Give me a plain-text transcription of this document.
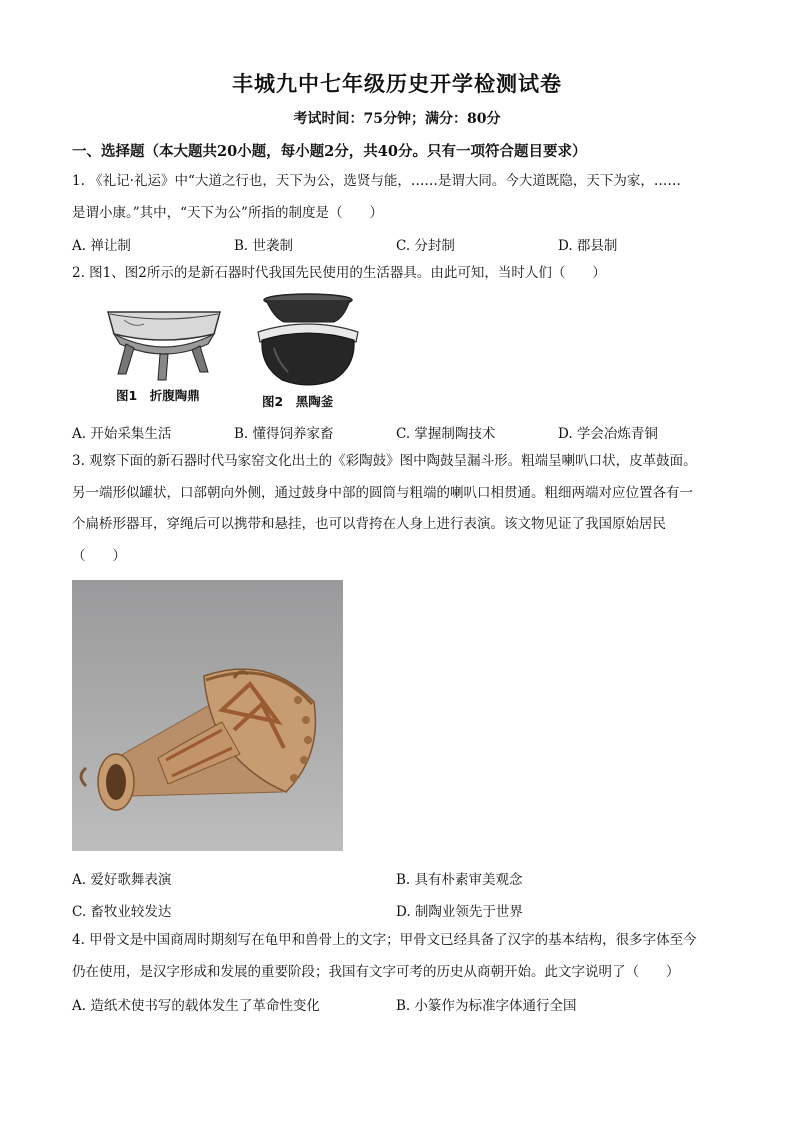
丰城九中七年级历史开学检测试卷
考试时间：75分钟；满分：80分
一、选择题（本大题共20小题，每小题2分，共40分。只有一项符合题目要求）
1. 《礼记·礼运》中“大道之行也，天下为公，选贤与能，……是谓大同。今大道既隐，天下为家，……
是谓小康。”其中，“天下为公”所指的制度是（　　）
A. 禅让制	B. 世袭制	C. 分封制	D. 郡县制
2. 图1、图2所示的是新石器时代我国先民使用的生活器具。由此可知，当时人们（　　）
图1　折腹陶鼎	图2　黑陶釜
A. 开始采集生活	B. 懂得饲养家畜	C. 掌握制陶技术	D. 学会冶炼青铜
3. 观察下面的新石器时代马家窑文化出土的《彩陶鼓》图中陶鼓呈漏斗形。粗端呈喇叭口状，皮革鼓面。
另一端形似罐状，口部朝向外侧，通过鼓身中部的圆筒与粗端的喇叭口相贯通。粗细两端对应位置各有一
个扁桥形器耳，穿绳后可以携带和悬挂，也可以背挎在人身上进行表演。该文物见证了我国原始居民
（　　）
A. 爱好歌舞表演	B. 具有朴素审美观念
C. 畜牧业较发达	D. 制陶业领先于世界
4. 甲骨文是中国商周时期刻写在龟甲和兽骨上的文字；甲骨文已经具备了汉字的基本结构，很多字体至今
仍在使用，是汉字形成和发展的重要阶段；我国有文字可考的历史从商朝开始。此文字说明了（　　）
A. 造纸术使书写的载体发生了革命性变化	B. 小篆作为标准字体通行全国
